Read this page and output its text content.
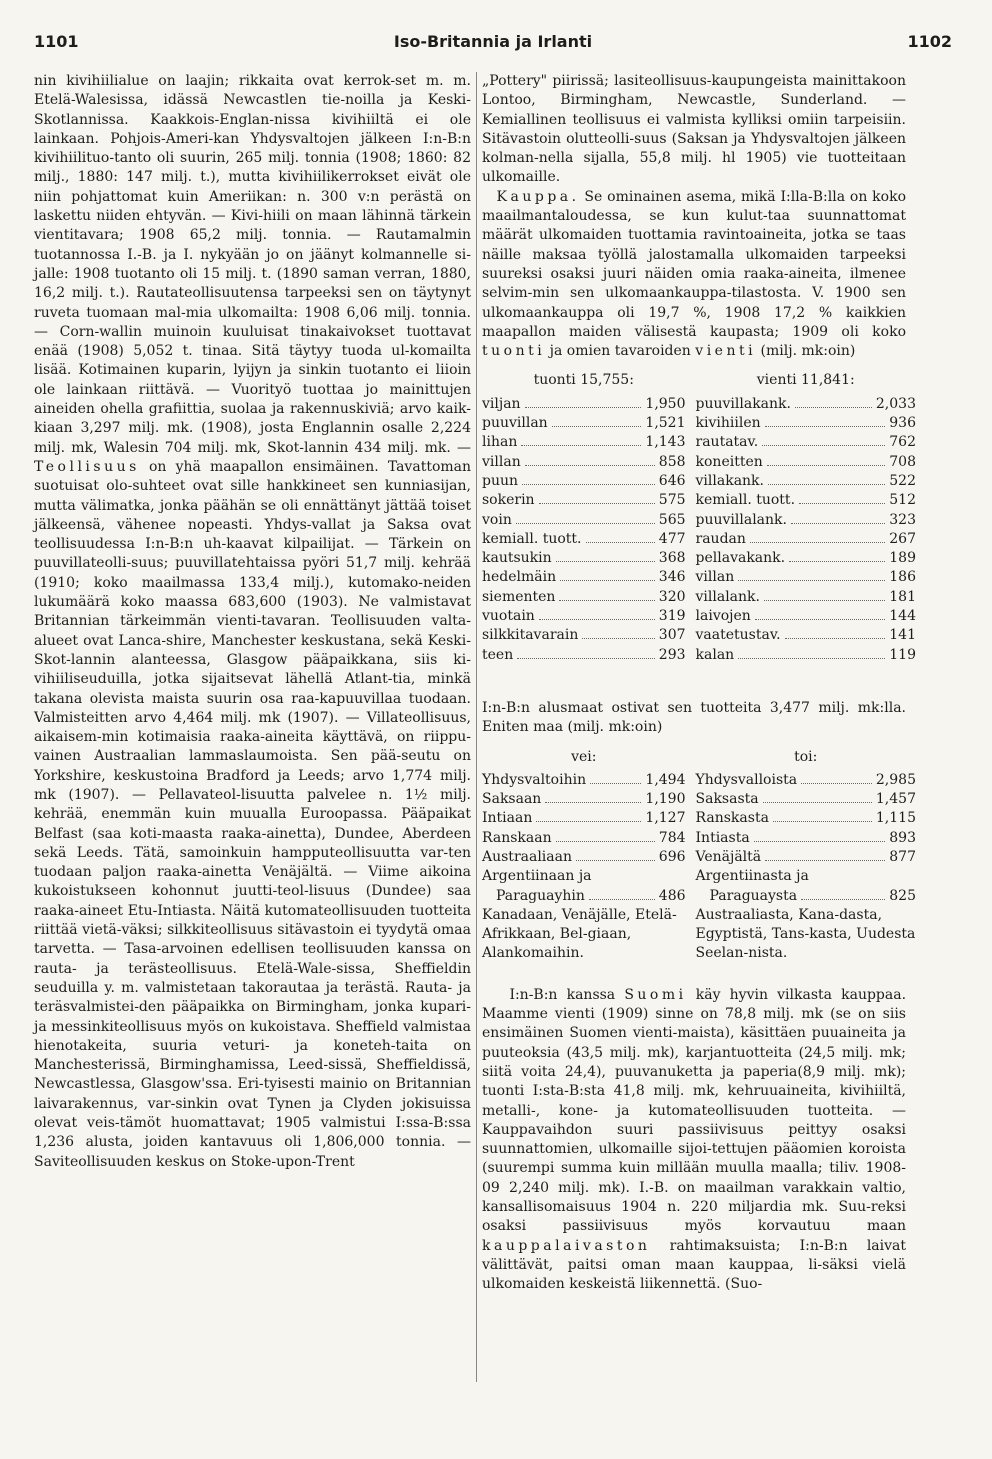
1101	Iso-Britannia ja Irlanti	1102

nin kivihiilialue on laajin; rikkaita ovat kerrok-set m. m. Etelä-Walesissa, idässä Newcastlen tie-noilla ja Keski-Skotlannissa. Kaakkois-Englan-nissa kivihiiltä ei ole lainkaan. Pohjois-Ameri-kan Yhdysvaltojen jälkeen I:n-B:n kivihiilituo-tanto oli suurin, 265 milj. tonnia (1908; 1860: 82 milj., 1880: 147 milj. t.), mutta kivihiilikerrokset eivät ole niin pohjattomat kuin Ameriikan: n. 300 v:n perästä on laskettu niiden ehtyvän. — Kivi-hiili on maan lähinnä tärkein vientitavara; 1908 65,2 milj. tonnia. — Rautamalmin tuotannossa I.-B. ja I. nykyään jo on jäänyt kolmannelle si-jalle: 1908 tuotanto oli 15 milj. t. (1890 saman verran, 1880, 16,2 milj. t.). Rautateollisuutensa tarpeeksi sen on täytynyt ruveta tuomaan mal-mia ulkomailta: 1908 6,06 milj. tonnia. — Corn-wallin muinoin kuuluisat tinakaivokset tuottavat enää (1908) 5,052 t. tinaa. Sitä täytyy tuoda ul-komailta lisää. Kotimainen kuparin, lyijyn ja sinkin tuotanto ei liioin ole lainkaan riittävä. — Vuorityö tuottaa jo mainittujen aineiden ohella grafiittia, suolaa ja rakennuskiviä; arvo kaik-kiaan 3,297 milj. mk. (1908), josta Englannin osalle 2,224 milj. mk, Walesin 704 milj. mk, Skot-lannin 434 milj. mk. — Teollisuus on yhä maapallon ensimäinen. Tavattoman suotuisat olo-suhteet ovat sille hankkineet sen kunniasijan, mutta välimatka, jonka päähän se oli ennättänyt jättää toiset jälkeensä, vähenee nopeasti. Yhdys-vallat ja Saksa ovat teollisuudessa I:n-B:n uh-kaavat kilpailijat. — Tärkein on puuvillateolli-suus; puuvillatehtaissa pyöri 51,7 milj. kehrää (1910; koko maailmassa 133,4 milj.), kutomako-neiden lukumäärä koko maassa 683,600 (1903). Ne valmistavat Britannian tärkeimmän vienti-tavaran. Teollisuuden valta-alueet ovat Lanca-shire, Manchester keskustana, sekä Keski-Skot-lannin alanteessa, Glasgow pääpaikkana, siis ki-vihiiliseuduilla, jotka sijaitsevat lähellä Atlant-tia, minkä takana olevista maista suurin osa raa-kapuuvillaa tuodaan. Valmisteitten arvo 4,464 milj. mk (1907). — Villateollisuus, aikaisem-min kotimaisia raaka-aineita käyttävä, on riippu-vainen Austraalian lammaslaumoista. Sen pää-seutu on Yorkshire, keskustoina Bradford ja Leeds; arvo 1,774 milj. mk (1907). — Pellavateol-lisuutta palvelee n. 1½ milj. kehrää, enemmän kuin muualla Euroopassa. Pääpaikat Belfast (saa koti-maasta raaka-ainetta), Dundee, Aberdeen sekä Leeds. Tätä, samoinkuin hampputeollisuutta var-ten tuodaan paljon raaka-ainetta Venäjältä. — Viime aikoina kukoistukseen kohonnut juutti-teol-lisuus (Dundee) saa raaka-aineet Etu-Intiasta. Näitä kutomateollisuuden tuotteita riittää vietä-väksi; silkkiteollisuus sitävastoin ei tyydytä omaa tarvetta. — Tasa-arvoinen edellisen teollisuuden kanssa on rauta- ja terästeollisuus. Etelä-Wale-sissa, Sheffieldin seuduilla y. m. valmistetaan takorautaa ja terästä. Rauta- ja teräsvalmistei-den pääpaikka on Birmingham, jonka kupari- ja messinkiteollisuus myös on kukoistava. Sheffield valmistaa hienotakeita, suuria veturi- ja koneteh-taita on Manchesterissä, Birminghamissa, Leed-sissä, Sheffieldissä, Newcastlessa, Glasgow'ssa. Eri-tyisesti mainio on Britannian laivarakennus, var-sinkin ovat Tynen ja Clyden jokisuissa olevat veis-tämöt huomattavat; 1905 valmistui I:ssa-B:ssa 1,236 alusta, joiden kantavuus oli 1,806,000 tonnia. — Saviteollisuuden keskus on Stoke-upon-Trent

„Pottery" piirissä; lasiteollisuus-kaupungeista mainittakoon Lontoo, Birmingham, Newcastle, Sunderland. — Kemiallinen teollisuus ei valmista kylliksi omiin tarpeisiin. Sitävastoin olutteolli-suus (Saksan ja Yhdysvaltojen jälkeen kolman-nella sijalla, 55,8 milj. hl 1905) vie tuotteitaan ulkomaille.

Kauppa. Se ominainen asema, mikä I:lla-B:lla on koko maailmantaloudessa, se kun kulut-taa suunnattomat määrät ulkomaiden tuottamia ravintoaineita, jotka se taas näille maksaa työllä jalostamalla ulkomaiden tarpeeksi suureksi osaksi juuri näiden omia raaka-aineita, ilmenee selvim-min sen ulkomaankauppa-tilastosta. V. 1900 sen ulkomaankauppa oli 19,7 %, 1908 17,2 % kaikkien maapallon maiden välisestä kaupasta; 1909 oli koko tuonti ja omien tavaroiden vienti (milj. mk:oin)

tuonti 15,755:
viljan	1,950
puuvillan	1,521
lihan	1,143
villan	858
puun	646
sokerin	575
voin	565
kemiall. tuott.	477
kautsukin	368
hedelmäin	346
siementen	320
vuotain	319
silkkitavarain	307
teen	293
vienti 11,841:
puuvillakank.	2,033
kivihiilen	936
rautatav.	762
koneitten	708
villakank.	522
kemiall. tuott.	512
puuvillalank.	323
raudan	267
pellavakank.	189
villan	186
villalank.	181
laivojen	144
vaatetustav.	141
kalan	119

I:n-B:n alusmaat ostivat sen tuotteita 3,477 milj. mk:lla. Eniten maa (milj. mk:oin)

vei:
Yhdysvaltoihin	1,494
Saksaan	1,190
Intiaan	1,127
Ranskaan	784
Austraaliaan	696
Argentiinaan ja
Paraguayhin	486

Kanadaan, Venäjälle, Etelä-Afrikkaan, Bel-giaan, Alankomaihin.

toi:
Yhdysvalloista	2,985
Saksasta	1,457
Ranskasta	1,115
Intiasta	893
Venäjältä	877
Argentiinasta ja
Paraguaysta	825

Austraaliasta, Kana-dasta, Egyptistä, Tans-kasta, Uudesta Seelan-nista.

I:n-B:n kanssa Suomi käy hyvin vilkasta kauppaa. Maamme vienti (1909) sinne on 78,8 milj. mk (se on siis ensimäinen Suomen vienti-maista), käsittäen puuaineita ja puuteoksia (43,5 milj. mk), karjantuotteita (24,5 milj. mk; siitä voita 24,4), puuvanuketta ja paperia(8,9 milj. mk); tuonti I:sta-B:sta 41,8 milj. mk, kehruuaineita, kivihiiltä, metalli-, kone- ja kutomateollisuuden tuotteita. — Kauppavaihdon suuri passiivisuus peittyy osaksi suunnattomien, ulkomaille sijoi-tettujen pääomien koroista (suurempi summa kuin millään muulla maalla; tiliv. 1908-09 2,240 milj. mk). I.-B. on maailman varakkain valtio, kansallisomaisuus 1904 n. 220 miljardia mk. Suu-reksi osaksi passiivisuus myös korvautuu maan kauppalaivaston rahtimaksuista; I:n-B:n laivat välittävät, paitsi oman maan kauppaa, li-säksi vielä ulkomaiden keskeistä liikennettä. (Suo-
